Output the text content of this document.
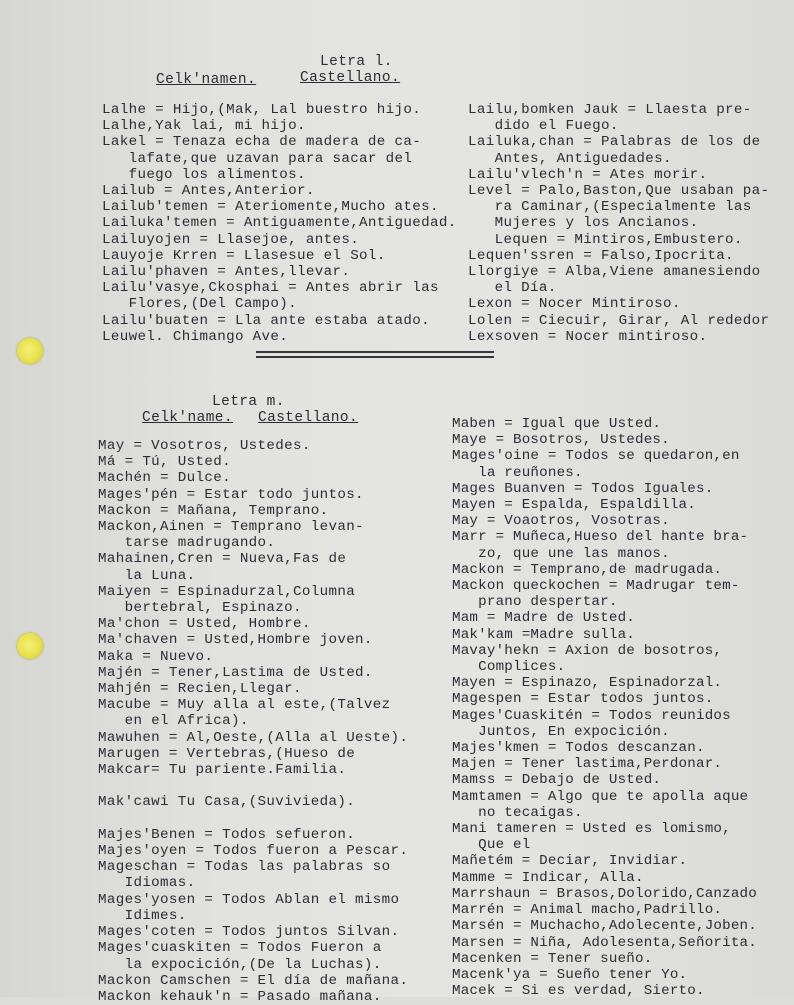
Letra l.
Celk'namen.	Castellano.
Lalhe = Hijo,(Mak, Lal buestro hijo.
Lalhe,Yak lai, mi hijo.
Lakel = Tenaza echa de madera de ca-
lafate,que uzavan para sacar del
fuego los alimentos.
Lailub = Antes,Anterior.
Lailub'temen = Ateriomente,Mucho ates.
Lailuka'temen = Antiguamente,Antiguedad.
Lailuyojen = Llasejoe, antes.
Lauyoje Krren = Llasesue el Sol.
Lailu'phaven = Antes,llevar.
Lailu'vasye,Ckosphai = Antes abrir las
Flores,(Del Campo).
Lailu'buaten = Lla ante estaba atado.
Leuwel. Chimango Ave.
Lailu,bomken Jauk = Llaesta pre-
dido el Fuego.
Lailuka,chan = Palabras de los de
Antes, Antiguedades.
Lailu'vlech'n = Ates morir.
Level = Palo,Baston,Que usaban pa-
ra Caminar,(Especialmente las
Mujeres y los Ancianos.
Lequen = Mintiros,Embustero.
Lequen'ssren = Falso,Ipocrita.
Llorgiye = Alba,Viene amanesiendo
el Día.
Lexon = Nocer Mintiroso.
Lolen = Ciecuir, Girar, Al rededor
Lexsoven = Nocer mintiroso.
Letra m.
Celk'name. Castellano.
May = Vosotros, Ustedes.
Má = Tú, Usted.
Machén = Dulce.
Mages'pén = Estar todo juntos.
Mackon = Mañana, Temprano.
Mackon,Ainen = Temprano levan-
tarse madrugando.
Mahainen,Cren = Nueva,Fas de
la Luna.
Maiyen = Espinadurzal,Columna
bertebral, Espinazo.
Ma'chon = Usted, Hombre.
Ma'chaven = Usted,Hombre joven.
Maka = Nuevo.
Majén = Tener,Lastima de Usted.
Mahjén = Recien,Llegar.
Macube = Muy alla al este,(Talvez
en el Africa).
Mawuhen = Al,Oeste,(Alla al Ueste).
Marugen = Vertebras,(Hueso de
Makcar= Tu pariente.Familia.

Mak'cawi Tu Casa,(Suvivieda).

Majes'Benen = Todos sefueron.
Majes'oyen = Todos fueron a Pescar.
Mageschan = Todas las palabras so
Idiomas.
Mages'yosen = Todos Ablan el mismo
Idimes.
Mages'coten = Todos juntos Silvan.
Mages'cuaskiten = Todos Fueron a
la expocición,(De la Luchas).
Mackon Camschen = El día de mañana.
Mackon kehauk'n = Pasado mañana.
Maben = Igual que Usted.
Maye = Bosotros, Ustedes.
Mages'oine = Todos se quedaron,en
la reuñones.
Mages Buanven = Todos Iguales.
Mayen = Espalda, Espaldilla.
May = Voaotros, Vosotras.
Marr = Muñeca,Hueso del hante bra-
zo, que une las manos.
Mackon = Temprano,de madrugada.
Mackon queckochen = Madrugar tem-
prano despertar.
Mam = Madre de Usted.
Mak'kam =Madre sulla.
Mavay'hekn = Axion de bosotros,
Complices.
Mayen = Espinazo, Espinadorzal.
Magespen = Estar todos juntos.
Mages'Cuaskitén = Todos reunidos
Juntos, En expocición.
Majes'kmen = Todos descanzan.
Majen = Tener lastima,Perdonar.
Mamss = Debajo de Usted.
Mamtamen = Algo que te apolla aque
no tecaigas.
Mani tameren = Usted es lomismo,
Que el
Mañetém = Deciar, Invidiar.
Mamme = Indicar, Alla.
Marrshaun = Brasos,Dolorido,Canzado
Marrén = Animal macho,Padrillo.
Marsén = Muchacho,Adolecente,Joben.
Marsen = Niña, Adolesenta,Señorita.
Macenken = Tener sueño.
Macenk'ya = Sueño tener Yo.
Macek = Si es verdad, Sierto.
